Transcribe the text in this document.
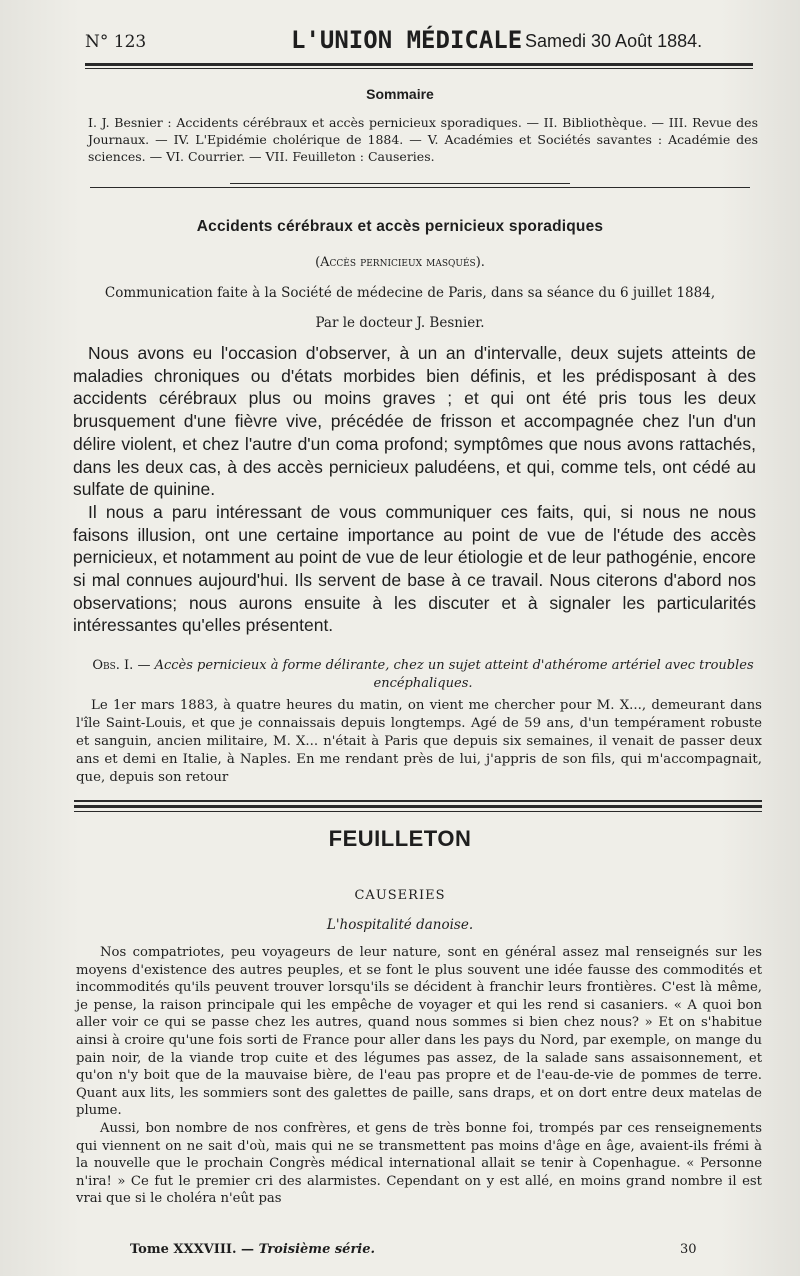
N° 123	L'UNION MÉDICALE Samedi 30 Août 1884.
Sommaire
I. J. Besnier : Accidents cérébraux et accès pernicieux sporadiques. — II. Bibliothèque. — III. Revue des Journaux. — IV. L'Epidémie cholérique de 1884. — V. Académies et Sociétés savantes : Académie des sciences. — VI. Courrier. — VII. Feuilleton : Causeries.
Accidents cérébraux et accès pernicieux sporadiques
(Accès pernicieux masqués).
Communication faite à la Société de médecine de Paris, dans sa séance du 6 juillet 1884,
Par le docteur J. Besnier.

Nous avons eu l'occasion d'observer, à un an d'intervalle, deux sujets atteints de maladies chroniques ou d'états morbides bien définis, et les prédisposant à des accidents cérébraux plus ou moins graves ; et qui ont été pris tous les deux brusquement d'une fièvre vive, précédée de frisson et accompagnée chez l'un d'un délire violent, et chez l'autre d'un coma profond; symptômes que nous avons rattachés, dans les deux cas, à des accès pernicieux paludéens, et qui, comme tels, ont cédé au sulfate de quinine.

Il nous a paru intéressant de vous communiquer ces faits, qui, si nous ne nous faisons illusion, ont une certaine importance au point de vue de l'étude des accès pernicieux, et notamment au point de vue de leur étiologie et de leur pathogénie, encore si mal connues aujourd'hui. Ils servent de base à ce travail. Nous citerons d'abord nos observations; nous aurons ensuite à les discuter et à signaler les particularités intéressantes qu'elles présentent.

Obs. I. — Accès pernicieux à forme délirante, chez un sujet atteint d'athérome artériel avec troubles encéphaliques.

Le 1er mars 1883, à quatre heures du matin, on vient me chercher pour M. X..., demeurant dans l'île Saint-Louis, et que je connaissais depuis longtemps. Agé de 59 ans, d'un tempérament robuste et sanguin, ancien militaire, M. X... n'était à Paris que depuis six semaines, il venait de passer deux ans et demi en Italie, à Naples. En me rendant près de lui, j'appris de son fils, qui m'accompagnait, que, depuis son retour

FEUILLETON
CAUSERIES
L'hospitalité danoise.

Nos compatriotes, peu voyageurs de leur nature, sont en général assez mal renseignés sur les moyens d'existence des autres peuples, et se font le plus souvent une idée fausse des commodités et incommodités qu'ils peuvent trouver lorsqu'ils se décident à franchir leurs frontières. C'est là même, je pense, la raison principale qui les empêche de voyager et qui les rend si casaniers. « A quoi bon aller voir ce qui se passe chez les autres, quand nous sommes si bien chez nous? » Et on s'habitue ainsi à croire qu'une fois sorti de France pour aller dans les pays du Nord, par exemple, on mange du pain noir, de la viande trop cuite et des légumes pas assez, de la salade sans assaisonnement, et qu'on n'y boit que de la mauvaise bière, de l'eau pas propre et de l'eau-de-vie de pommes de terre. Quant aux lits, les sommiers sont des galettes de paille, sans draps, et on dort entre deux matelas de plume.

Aussi, bon nombre de nos confrères, et gens de très bonne foi, trompés par ces renseignements qui viennent on ne sait d'où, mais qui ne se transmettent pas moins d'âge en âge, avaient-ils frémi à la nouvelle que le prochain Congrès médical international allait se tenir à Copenhague. « Personne n'ira! » Ce fut le premier cri des alarmistes. Cependant on y est allé, en moins grand nombre il est vrai que si le choléra n'eût pas

Tome XXXVIII. — Troisième série.	30
